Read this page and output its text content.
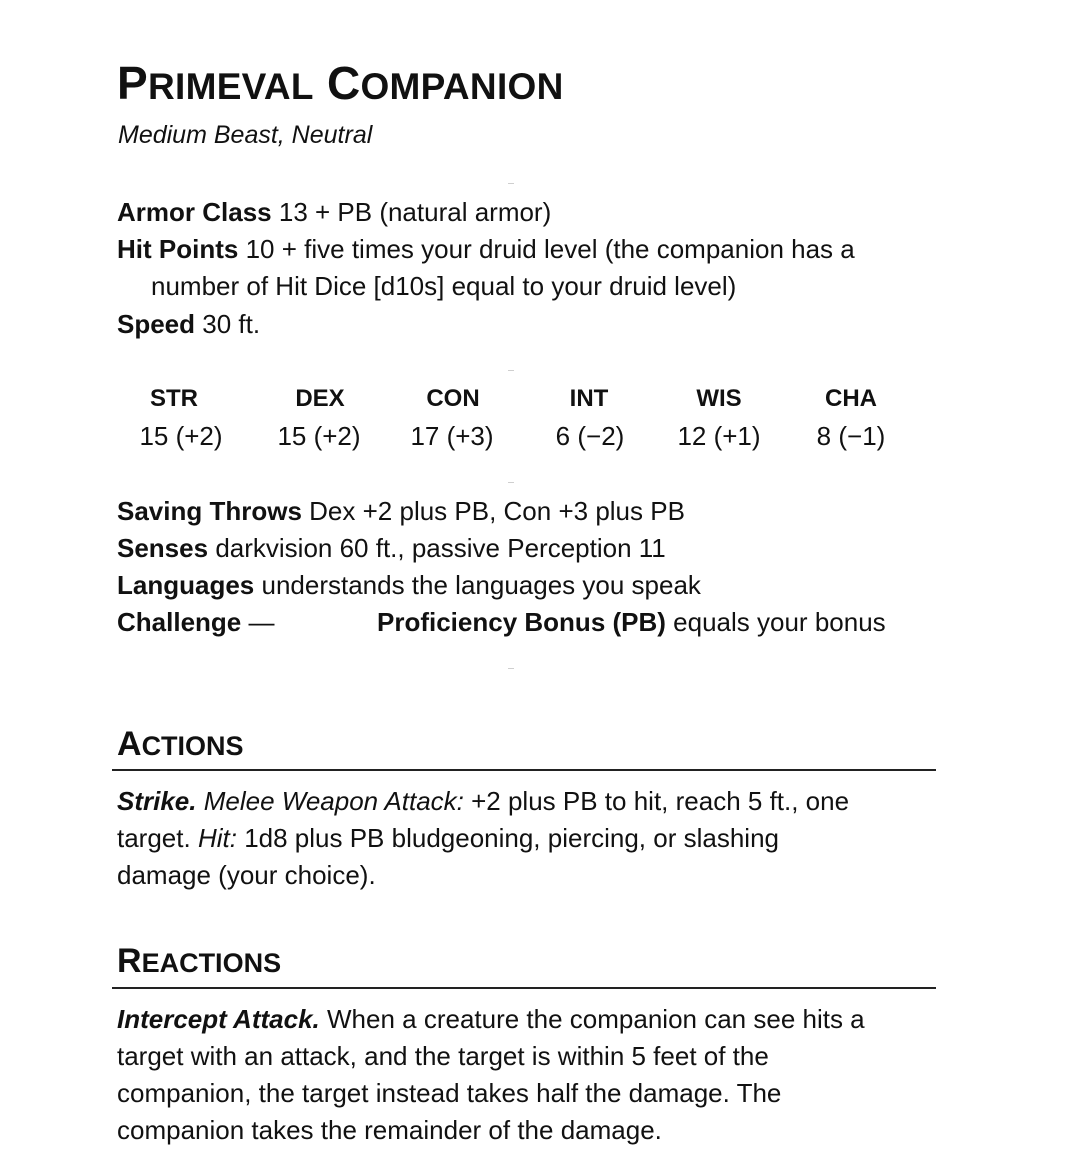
PRIMEVAL COMPANION
Medium Beast, Neutral
Armor Class 13 + PB (natural armor)
Hit Points 10 + five times your druid level (the companion has a
number of Hit Dice [d10s] equal to your druid level)
Speed 30 ft.
STR
15 (+2)
DEX
15 (+2)
CON
17 (+3)
INT
6 (−2)
WIS
12 (+1)
CHA
8 (−1)
Saving Throws Dex +2 plus PB, Con +3 plus PB
Senses darkvision 60 ft., passive Perception 11
Languages understands the languages you speak
Challenge —	Proficiency Bonus (PB) equals your bonus
ACTIONS
Strike. Melee Weapon Attack: +2 plus PB to hit, reach 5 ft., one
target. Hit: 1d8 plus PB bludgeoning, piercing, or slashing
damage (your choice).
REACTIONS
Intercept Attack. When a creature the companion can see hits a
target with an attack, and the target is within 5 feet of the
companion, the target instead takes half the damage. The
companion takes the remainder of the damage.
